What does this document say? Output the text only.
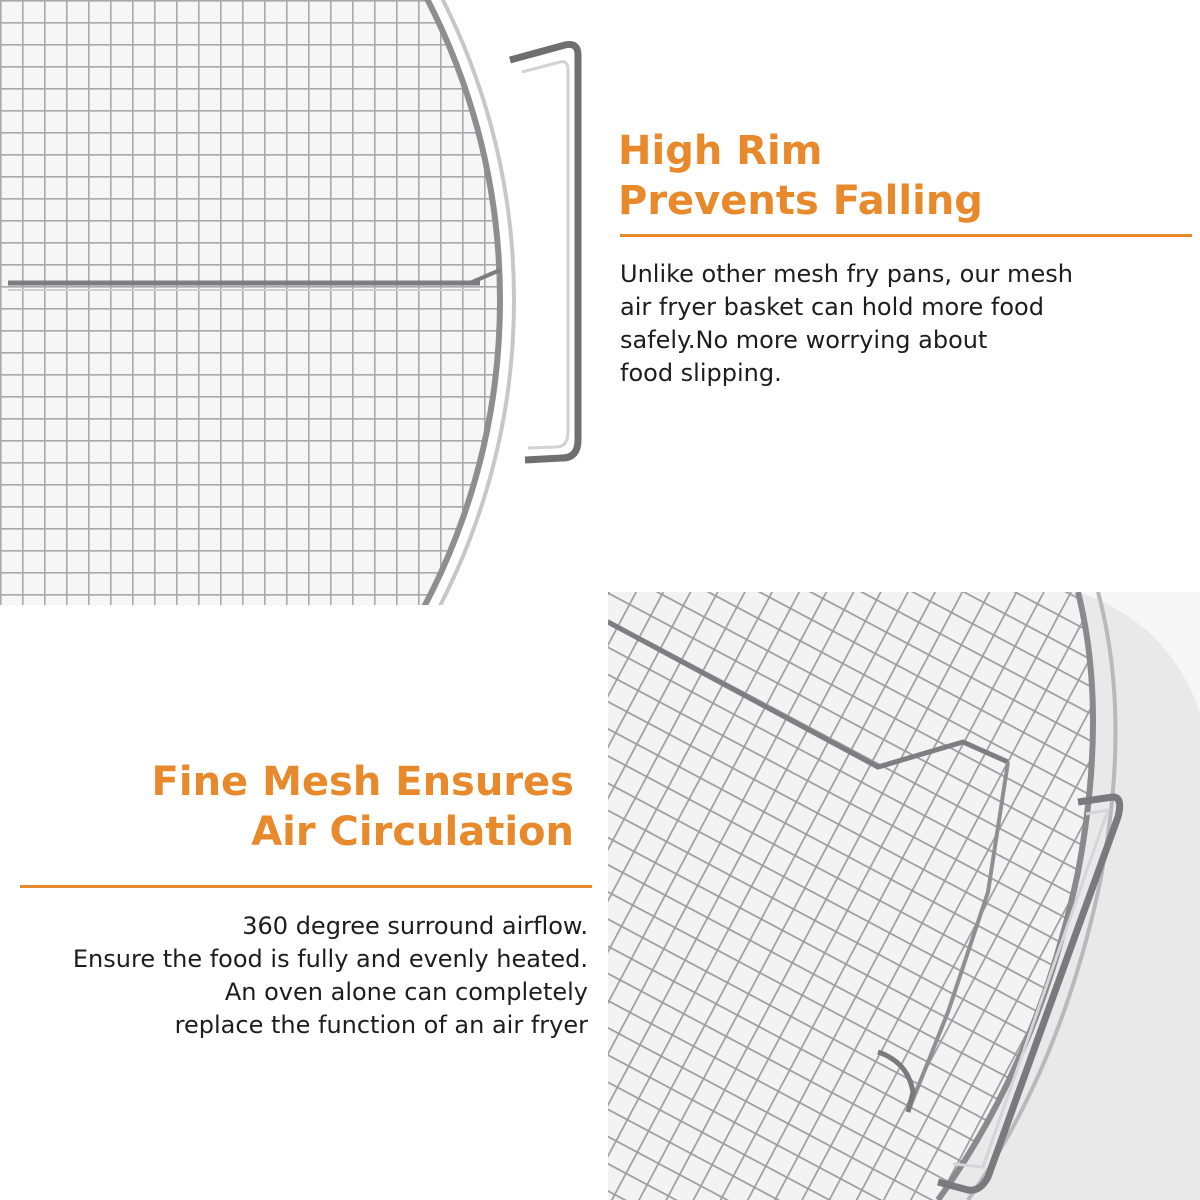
High Rim
Prevents Falling

Unlike other mesh fry pans, our mesh
air fryer basket can hold more food
safely.No more worrying about
food slipping.

Fine Mesh Ensures
Air Circulation

360 degree surround airflow.
Ensure the food is fully and evenly heated.
An oven alone can completely
replace the function of an air fryer
